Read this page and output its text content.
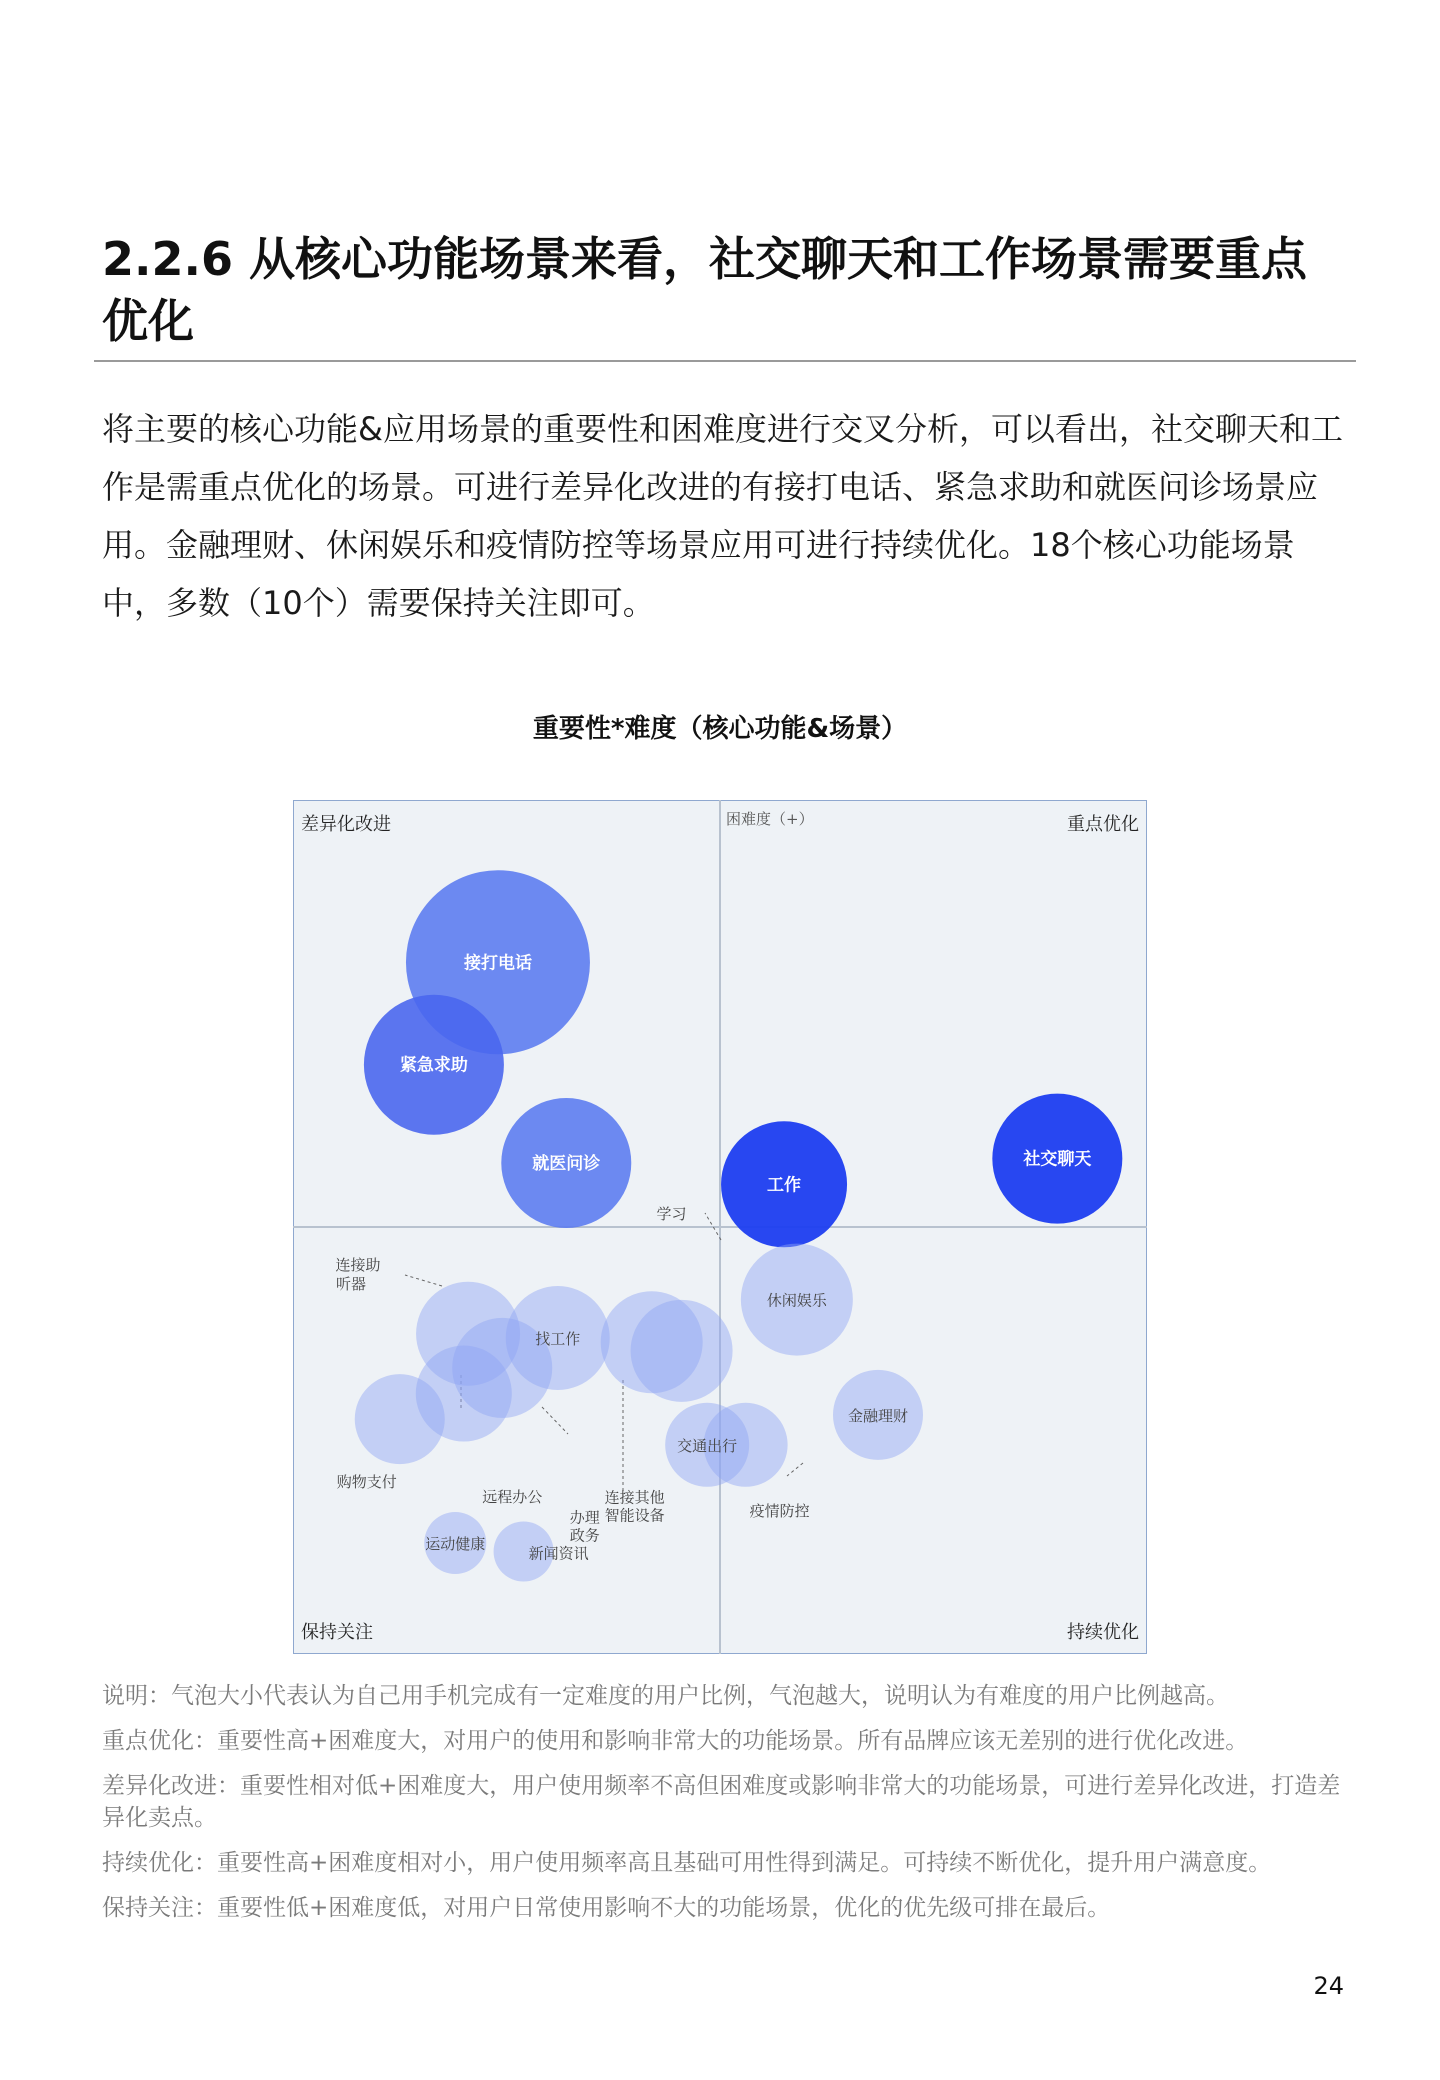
2.2.6 从核心功能场景来看，社交聊天和工作场景需要重点优化

将主要的核心功能&应用场景的重要性和困难度进行交叉分析，可以看出，社交聊天和工作是需重点优化的场景。可进行差异化改进的有接打电话、紧急求助和就医问诊场景应用。金融理财、休闲娱乐和疫情防控等场景应用可进行持续优化。18个核心功能场景中，多数（10个）需要保持关注即可。

重要性*难度（核心功能&场景）
困难度（+）
差异化改进	重点优化
保持关注	持续优化
接打电话
紧急求助
就医问诊
工作
社交聊天
休闲娱乐
金融理财
学习
找工作
连接助
听器
远程办公
办理
政务
连接其他
智能设备
购物支付
交通出行
疫情防控
运动健康
新闻资讯

说明：气泡大小代表认为自己用手机完成有一定难度的用户比例，气泡越大，说明认为有难度的用户比例越高。

重点优化：重要性高+困难度大，对用户的使用和影响非常大的功能场景。所有品牌应该无差别的进行优化改进。

差异化改进：重要性相对低+困难度大，用户使用频率不高但困难度或影响非常大的功能场景，可进行差异化改进，打造差异化卖点。

持续优化：重要性高+困难度相对小，用户使用频率高且基础可用性得到满足。可持续不断优化，提升用户满意度。

保持关注：重要性低+困难度低，对用户日常使用影响不大的功能场景，优化的优先级可排在最后。

24
